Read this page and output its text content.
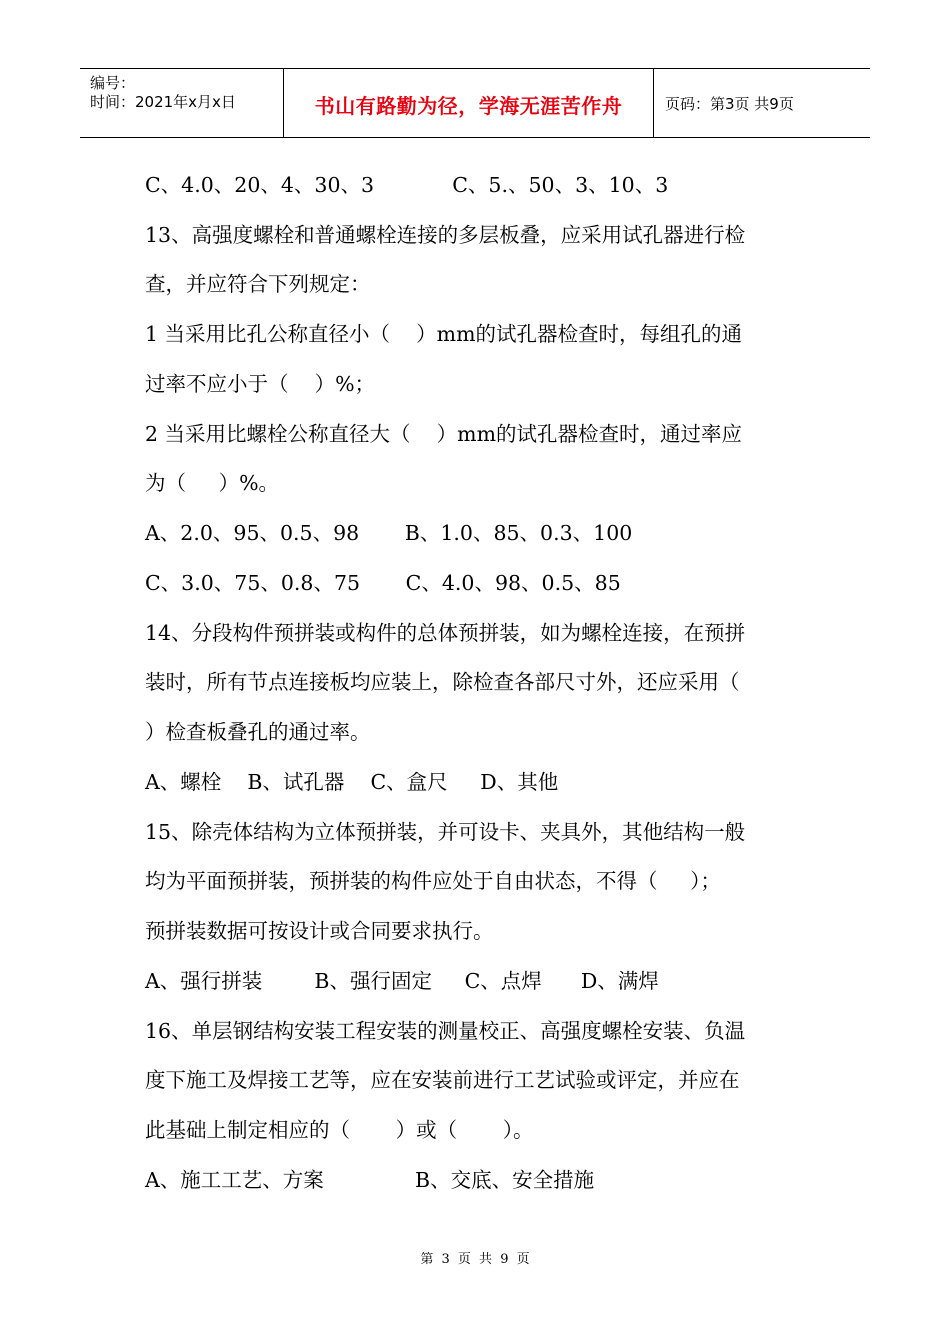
编号：
时间：2021年x月x日	书山有路勤为径，学海无涯苦作舟	页码：第3页 共9页
C、4.0、20、4、30、3            C、5.、50、3、10、3
13、高强度螺栓和普通螺栓连接的多层板叠，应采用试孔器进行检
查，并应符合下列规定：
1 当采用比孔公称直径小（    ）mm的试孔器检查时，每组孔的通
过率不应小于（    ）%；
2 当采用比螺栓公称直径大（    ）mm的试孔器检查时，通过率应
为（     ）%。
A、2.0、95、0.5、98       B、1.0、85、0.3、100
C、3.0、75、0.8、75       C、4.0、98、0.5、85
14、分段构件预拼装或构件的总体预拼装，如为螺栓连接，在预拼
装时，所有节点连接板均应装上，除检查各部尺寸外，还应采用（
）检查板叠孔的通过率。
A、螺栓    B、试孔器    C、盒尺     D、其他
15、除壳体结构为立体预拼装，并可设卡、夹具外，其他结构一般
均为平面预拼装，预拼装的构件应处于自由状态，不得（     ）；
预拼装数据可按设计或合同要求执行。
A、强行拼装        B、强行固定     C、点焊      D、满焊
16、单层钢结构安装工程安装的测量校正、高强度螺栓安装、负温
度下施工及焊接工艺等，应在安装前进行工艺试验或评定，并应在
此基础上制定相应的（       ）或（       ）。
A、施工工艺、方案              B、交底、安全措施
第 3 页 共 9 页
